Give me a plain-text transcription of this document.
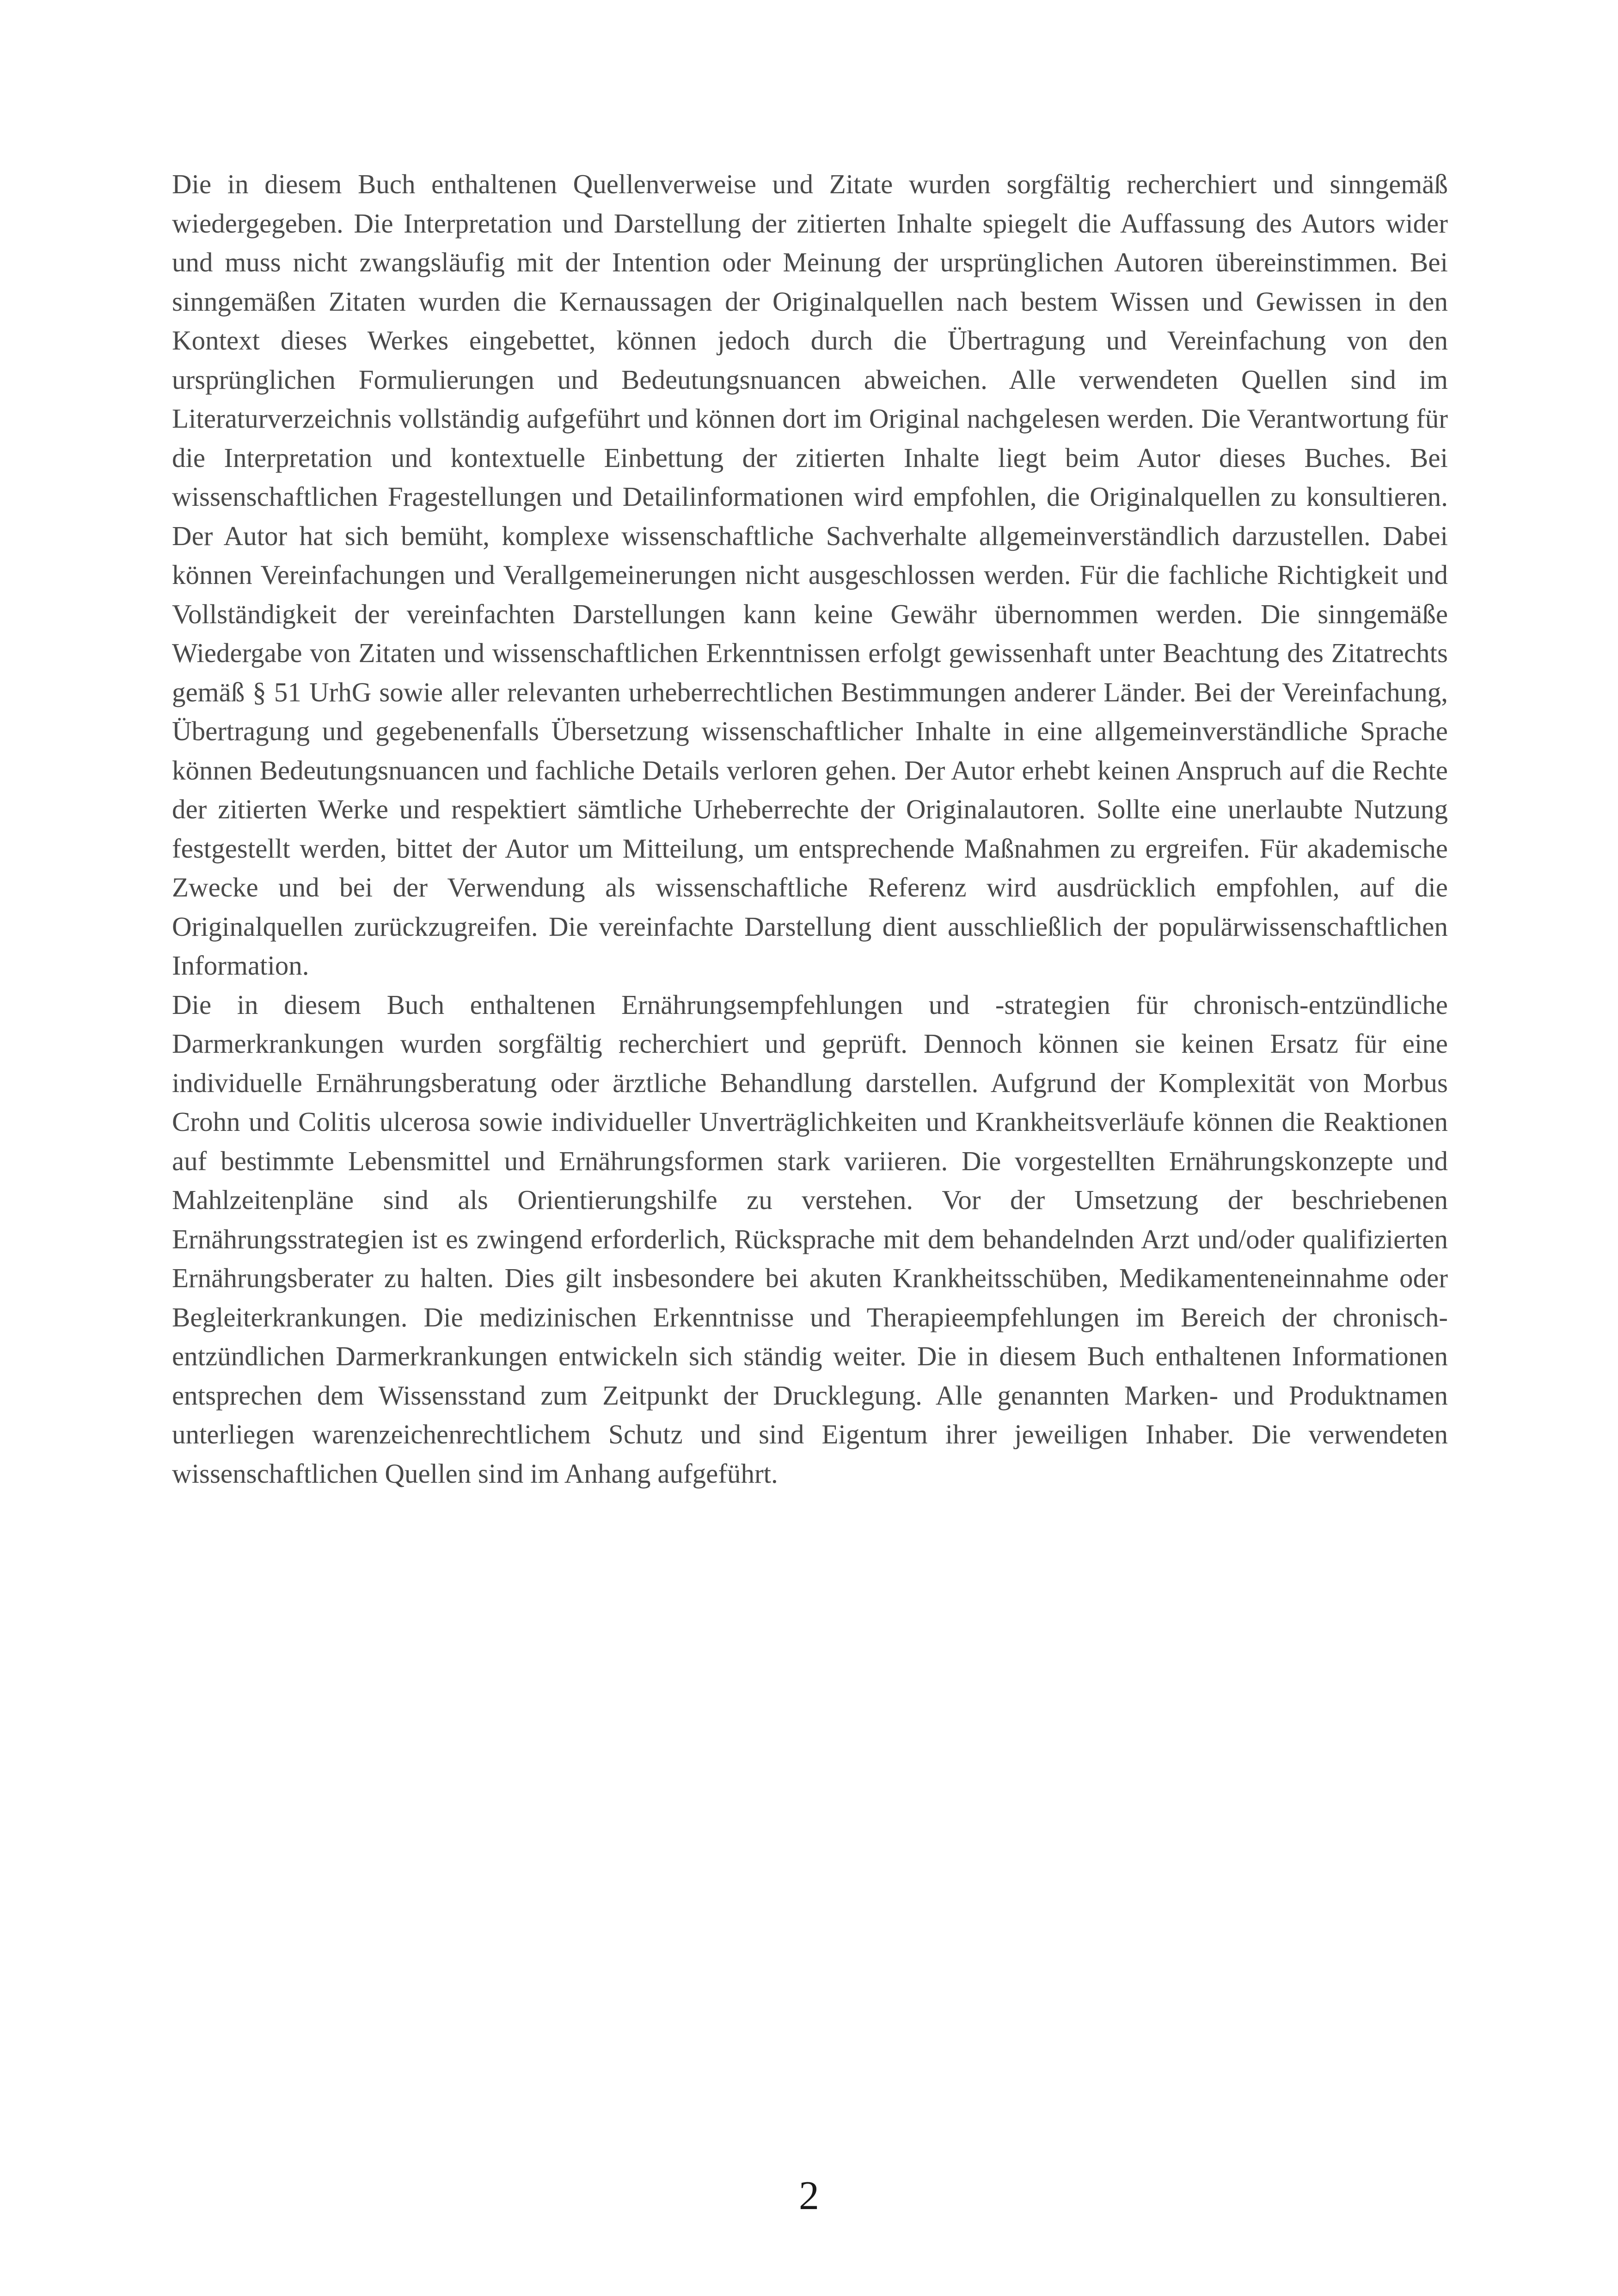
Die in diesem Buch enthaltenen Quellenverweise und Zitate wurden sorgfältig recherchiert und sinngemäß wiedergegeben. Die Interpretation und Darstellung der zitierten Inhalte spiegelt die Auffassung des Autors wider und muss nicht zwangsläufig mit der Intention oder Meinung der ursprünglichen Autoren übereinstimmen. Bei sinngemäßen Zitaten wurden die Kernaussagen der Originalquellen nach bestem Wissen und Gewissen in den Kontext dieses Werkes eingebettet, können jedoch durch die Übertragung und Vereinfachung von den ursprünglichen Formulierungen und Bedeutungsnuancen abweichen. Alle verwendeten Quellen sind im Literaturverzeichnis vollständig aufgeführt und können dort im Original nachgelesen werden. Die Verantwortung für die Interpretation und kontextuelle Einbettung der zitierten Inhalte liegt beim Autor dieses Buches. Bei wissenschaftlichen Fragestellungen und Detailinformationen wird empfohlen, die Originalquellen zu konsultieren. Der Autor hat sich bemüht, komplexe wissenschaftliche Sachverhalte allgemeinverständlich darzustellen. Dabei können Vereinfachungen und Verallgemeinerungen nicht ausgeschlossen werden. Für die fachliche Richtigkeit und Vollständigkeit der vereinfachten Darstellungen kann keine Gewähr übernommen werden. Die sinngemäße Wiedergabe von Zitaten und wissenschaftlichen Erkenntnissen erfolgt gewissenhaft unter Beachtung des Zitatrechts gemäß § 51 UrhG sowie aller relevanten urheberrechtlichen Bestimmungen anderer Länder. Bei der Vereinfachung, Übertragung und gegebenenfalls Übersetzung wissenschaftlicher Inhalte in eine allgemeinverständliche Sprache können Bedeutungsnuancen und fachliche Details verloren gehen. Der Autor erhebt keinen Anspruch auf die Rechte der zitierten Werke und respektiert sämtliche Urheberrechte der Originalautoren. Sollte eine unerlaubte Nutzung festgestellt werden, bittet der Autor um Mitteilung, um entsprechende Maßnahmen zu ergreifen. Für akademische Zwecke und bei der Verwendung als wissenschaftliche Referenz wird ausdrücklich empfohlen, auf die Originalquellen zurückzugreifen. Die vereinfachte Darstellung dient ausschließlich der populärwissenschaftlichen Information.

Die in diesem Buch enthaltenen Ernährungsempfehlungen und -strategien für chronisch-entzündliche Darmerkrankungen wurden sorgfältig recherchiert und geprüft. Dennoch können sie keinen Ersatz für eine individuelle Ernährungsberatung oder ärztliche Behandlung darstellen. Aufgrund der Komplexität von Morbus Crohn und Colitis ulcerosa sowie individueller Unverträglichkeiten und Krankheitsverläufe können die Reaktionen auf bestimmte Lebensmittel und Ernährungsformen stark variieren. Die vorgestellten Ernährungskonzepte und Mahlzeitenpläne sind als Orientierungshilfe zu verstehen. Vor der Umsetzung der beschriebenen Ernährungsstrategien ist es zwingend erforderlich, Rücksprache mit dem behandelnden Arzt und/oder qualifizierten Ernährungsberater zu halten. Dies gilt insbesondere bei akuten Krankheitsschüben, Medikamenteneinnahme oder Begleiterkrankungen. Die medizinischen Erkenntnisse und Therapieempfehlungen im Bereich der chronisch-entzündlichen Darmerkrankungen entwickeln sich ständig weiter. Die in diesem Buch enthaltenen Informationen entsprechen dem Wissensstand zum Zeitpunkt der Drucklegung. Alle genannten Marken- und Produktnamen unterliegen warenzeichenrechtlichem Schutz und sind Eigentum ihrer jeweiligen Inhaber. Die verwendeten wissenschaftlichen Quellen sind im Anhang aufgeführt.

2
